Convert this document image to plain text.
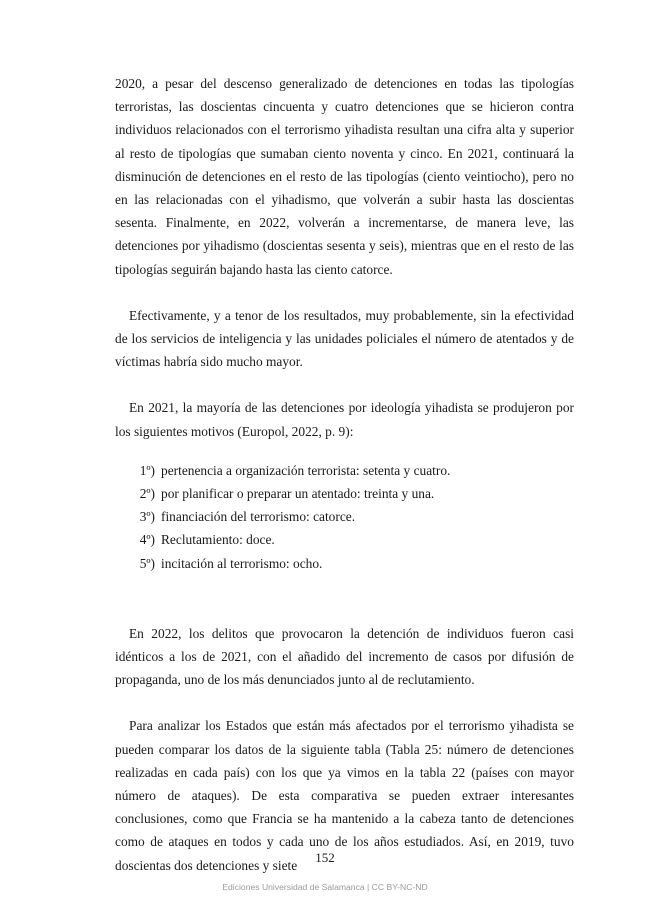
2020, a pesar del descenso generalizado de detenciones en todas las tipologías terroristas, las doscientas cincuenta y cuatro detenciones que se hicieron contra individuos relacionados con el terrorismo yihadista resultan una cifra alta y superior al resto de tipologías que sumaban ciento noventa y cinco. En 2021, continuará la disminución de detenciones en el resto de las tipologías (ciento veintiocho), pero no en las relacionadas con el yihadismo, que volverán a subir hasta las doscientas sesenta. Finalmente, en 2022, volverán a incrementarse, de manera leve, las detenciones por yihadismo (doscientas sesenta y seis), mientras que en el resto de las tipologías seguirán bajando hasta las ciento catorce.

Efectivamente, y a tenor de los resultados, muy probablemente, sin la efectividad de los servicios de inteligencia y las unidades policiales el número de atentados y de víctimas habría sido mucho mayor.

En 2021, la mayoría de las detenciones por ideología yihadista se produjeron por los siguientes motivos (Europol, 2022, p. 9):

1º) pertenencia a organización terrorista: setenta y cuatro.
2º) por planificar o preparar un atentado: treinta y una.
3º) financiación del terrorismo: catorce.
4º) Reclutamiento: doce.
5º) incitación al terrorismo: ocho.

En 2022, los delitos que provocaron la detención de individuos fueron casi idénticos a los de 2021, con el añadido del incremento de casos por difusión de propaganda, uno de los más denunciados junto al de reclutamiento.

Para analizar los Estados que están más afectados por el terrorismo yihadista se pueden comparar los datos de la siguiente tabla (Tabla 25: número de detenciones realizadas en cada país) con los que ya vimos en la tabla 22 (países con mayor número de ataques). De esta comparativa se pueden extraer interesantes conclusiones, como que Francia se ha mantenido a la cabeza tanto de detenciones como de ataques en todos y cada uno de los años estudiados. Así, en 2019, tuvo doscientas dos detenciones y siete

152
Ediciones Universidad de Salamanca | CC BY-NC-ND
